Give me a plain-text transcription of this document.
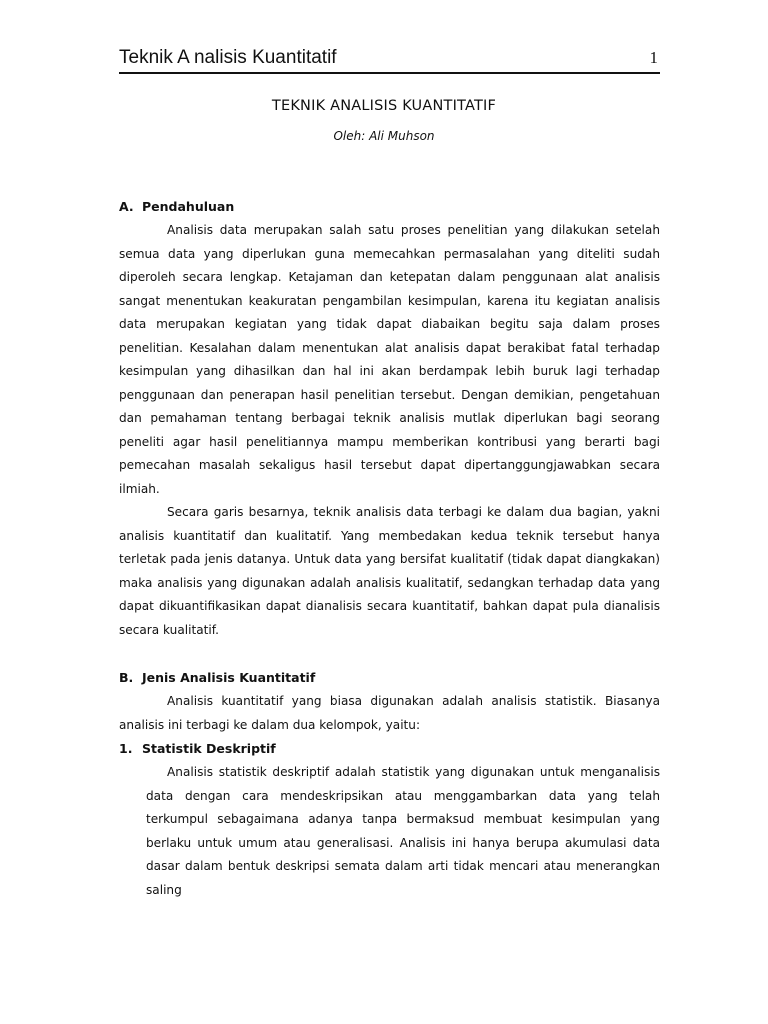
Teknik A nalisis Kuantitatif	1
TEKNIK ANALISIS KUANTITATIF
Oleh: Ali Muhson
A. Pendahuluan

Analisis data merupakan salah satu proses penelitian yang dilakukan setelah semua data yang diperlukan guna memecahkan permasalahan yang diteliti sudah diperoleh secara lengkap. Ketajaman dan ketepatan dalam penggunaan alat analisis sangat menentukan keakuratan pengambilan kesimpulan, karena itu kegiatan analisis data merupakan kegiatan yang tidak dapat diabaikan begitu saja dalam proses penelitian. Kesalahan dalam menentukan alat analisis dapat berakibat fatal terhadap kesimpulan yang dihasilkan dan hal ini akan berdampak lebih buruk lagi terhadap penggunaan dan penerapan hasil penelitian tersebut. Dengan demikian, pengetahuan dan pemahaman tentang berbagai teknik analisis mutlak diperlukan bagi seorang peneliti agar hasil penelitiannya mampu memberikan kontribusi yang berarti bagi pemecahan masalah sekaligus hasil tersebut dapat dipertanggungjawabkan secara ilmiah.

Secara garis besarnya, teknik analisis data terbagi ke dalam dua bagian, yakni analisis kuantitatif dan kualitatif. Yang membedakan kedua teknik tersebut hanya terletak pada jenis datanya. Untuk data yang bersifat kualitatif (tidak dapat diangkakan) maka analisis yang digunakan adalah analisis kualitatif, sedangkan terhadap data yang dapat dikuantifikasikan dapat dianalisis secara kuantitatif, bahkan dapat pula dianalisis secara kualitatif.

B. Jenis Analisis Kuantitatif

Analisis kuantitatif yang biasa digunakan adalah analisis statistik. Biasanya analisis ini terbagi ke dalam dua kelompok, yaitu:

1. Statistik Deskriptif

Analisis statistik deskriptif adalah statistik yang digunakan untuk menganalisis data dengan cara mendeskripsikan atau menggambarkan data yang telah terkumpul sebagaimana adanya tanpa bermaksud membuat kesimpulan yang berlaku untuk umum atau generalisasi. Analisis ini hanya berupa akumulasi data dasar dalam bentuk deskripsi semata dalam arti tidak mencari atau menerangkan saling
